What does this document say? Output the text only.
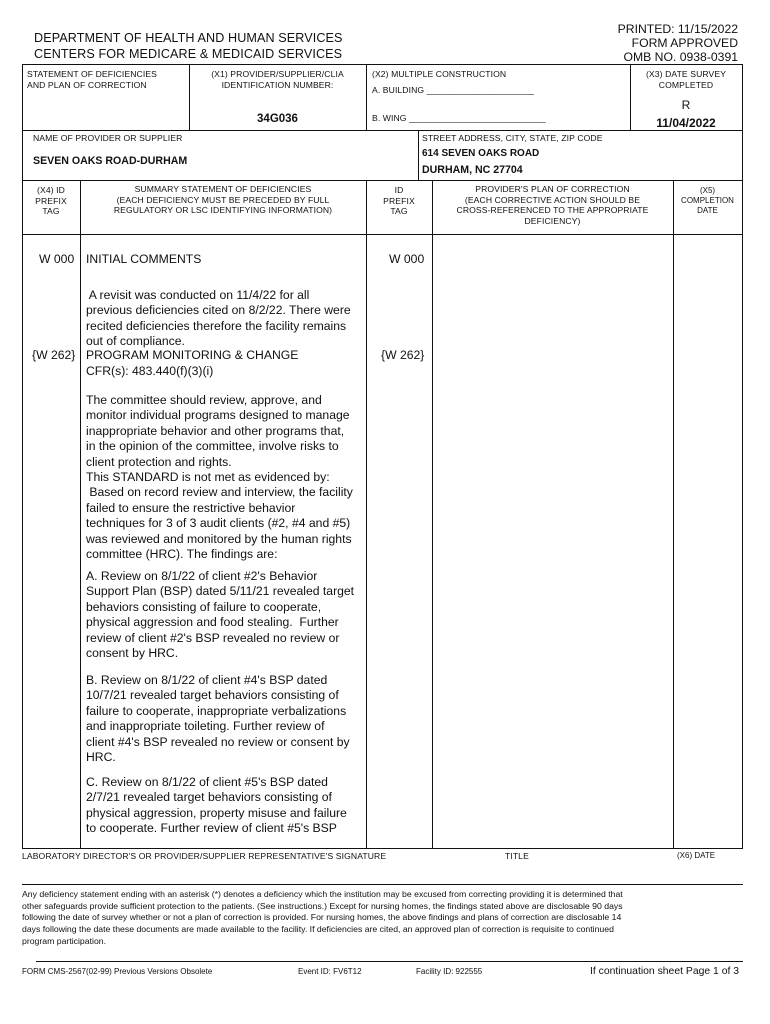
DEPARTMENT OF HEALTH AND HUMAN SERVICES
CENTERS FOR MEDICARE & MEDICAID SERVICES
PRINTED: 11/15/2022
FORM APPROVED
OMB NO. 0938-0391
STATEMENT OF DEFICIENCIES
AND PLAN OF CORRECTION
(X1) PROVIDER/SUPPLIER/CLIA
IDENTIFICATION NUMBER:
34G036
(X2) MULTIPLE CONSTRUCTION
A. BUILDING ______________________
B. WING ____________________________
(X3) DATE SURVEY
COMPLETED
R
11/04/2022
NAME OF PROVIDER OR SUPPLIER
SEVEN OAKS ROAD-DURHAM
STREET ADDRESS, CITY, STATE, ZIP CODE
614 SEVEN OAKS ROAD
DURHAM, NC 27704
(X4) ID
PREFIX
TAG
SUMMARY STATEMENT OF DEFICIENCIES
(EACH DEFICIENCY MUST BE PRECEDED BY FULL
REGULATORY OR LSC IDENTIFYING INFORMATION)
ID
PREFIX
TAG
PROVIDER'S PLAN OF CORRECTION
(EACH CORRECTIVE ACTION SHOULD BE
CROSS-REFERENCED TO THE APPROPRIATE
DEFICIENCY)
(X5)
COMPLETION
DATE
W 000	W 000
INITIAL COMMENTS
A revisit was conducted on 11/4/22 for all
previous deficiencies cited on 8/2/22. There were
recited deficiencies therefore the facility remains
out of compliance.
{W 262}	{W 262}
PROGRAM MONITORING & CHANGE
CFR(s): 483.440(f)(3)(i)
The committee should review, approve, and
monitor individual programs designed to manage
inappropriate behavior and other programs that,
in the opinion of the committee, involve risks to
client protection and rights.
This STANDARD is not met as evidenced by:
Based on record review and interview, the facility
failed to ensure the restrictive behavior
techniques for 3 of 3 audit clients (#2, #4 and #5)
was reviewed and monitored by the human rights
committee (HRC). The findings are:
A. Review on 8/1/22 of client #2's Behavior
Support Plan (BSP) dated 5/11/21 revealed target
behaviors consisting of failure to cooperate,
physical aggression and food stealing.  Further
review of client #2's BSP revealed no review or
consent by HRC.
B. Review on 8/1/22 of client #4's BSP dated
10/7/21 revealed target behaviors consisting of
failure to cooperate, inappropriate verbalizations
and inappropriate toileting. Further review of
client #4's BSP revealed no review or consent by
HRC.
C. Review on 8/1/22 of client #5's BSP dated
2/7/21 revealed target behaviors consisting of
physical aggression, property misuse and failure
to cooperate. Further review of client #5's BSP
LABORATORY DIRECTOR'S OR PROVIDER/SUPPLIER REPRESENTATIVE'S SIGNATURE	TITLE	(X6) DATE
Any deficiency statement ending with an asterisk (*) denotes a deficiency which the institution may be excused from correcting providing it is determined that
other safeguards provide sufficient protection to the patients. (See instructions.) Except for nursing homes, the findings stated above are disclosable 90 days
following the date of survey whether or not a plan of correction is provided. For nursing homes, the above findings and plans of correction are disclosable 14
days following the date these documents are made available to the facility. If deficiencies are cited, an approved plan of correction is requisite to continued
program participation.
FORM CMS-2567(02-99) Previous Versions Obsolete	Event ID: FV6T12	Facility ID: 922555	If continuation sheet Page 1 of 3
